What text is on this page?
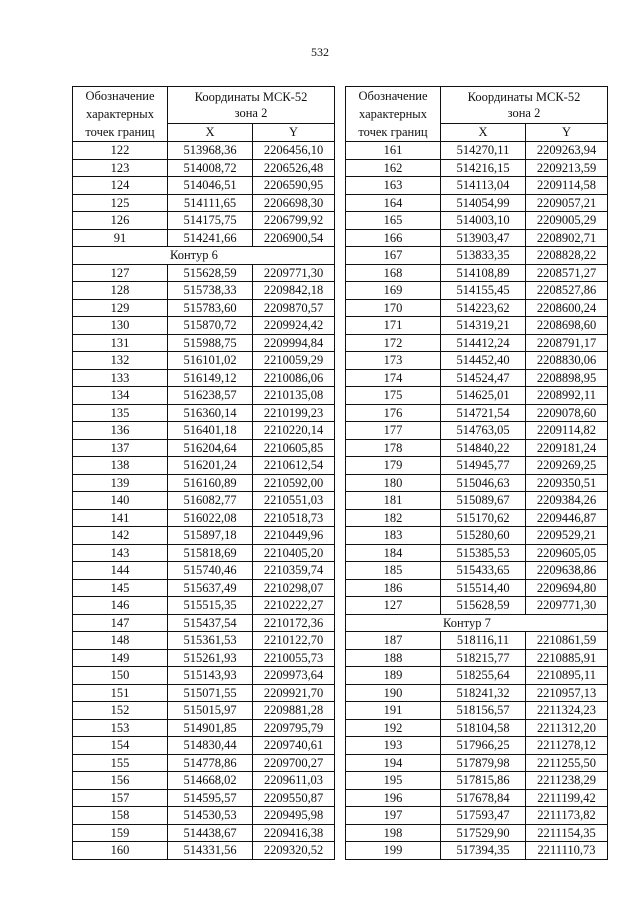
532
Обозначение
характерных
точек границ	Координаты МСК-52
зона 2	
	X	Y
122	513968,36	2206456,10
123	514008,72	2206526,48
124	514046,51	2206590,95
125	514111,65	2206698,30
126	514175,75	2206799,92
91	514241,66	2206900,54
Контур 6		
127	515628,59	2209771,30
128	515738,33	2209842,18
129	515783,60	2209870,57
130	515870,72	2209924,42
131	515988,75	2209994,84
132	516101,02	2210059,29
133	516149,12	2210086,06
134	516238,57	2210135,08
135	516360,14	2210199,23
136	516401,18	2210220,14
137	516204,64	2210605,85
138	516201,24	2210612,54
139	516160,89	2210592,00
140	516082,77	2210551,03
141	516022,08	2210518,73
142	515897,18	2210449,96
143	515818,69	2210405,20
144	515740,46	2210359,74
145	515637,49	2210298,07
146	515515,35	2210222,27
147	515437,54	2210172,36
148	515361,53	2210122,70
149	515261,93	2210055,73
150	515143,93	2209973,64
151	515071,55	2209921,70
152	515015,97	2209881,28
153	514901,85	2209795,79
154	514830,44	2209740,61
155	514778,86	2209700,27
156	514668,02	2209611,03
157	514595,57	2209550,87
158	514530,53	2209495,98
159	514438,67	2209416,38
160	514331,56	2209320,52
Обозначение
характерных
точек границ	Координаты МСК-52
зона 2	
	X	Y
161	514270,11	2209263,94
162	514216,15	2209213,59
163	514113,04	2209114,58
164	514054,99	2209057,21
165	514003,10	2209005,29
166	513903,47	2208902,71
167	513833,35	2208828,22
168	514108,89	2208571,27
169	514155,45	2208527,86
170	514223,62	2208600,24
171	514319,21	2208698,60
172	514412,24	2208791,17
173	514452,40	2208830,06
174	514524,47	2208898,95
175	514625,01	2208992,11
176	514721,54	2209078,60
177	514763,05	2209114,82
178	514840,22	2209181,24
179	514945,77	2209269,25
180	515046,63	2209350,51
181	515089,67	2209384,26
182	515170,62	2209446,87
183	515280,60	2209529,21
184	515385,53	2209605,05
185	515433,65	2209638,86
186	515514,40	2209694,80
127	515628,59	2209771,30
Контур 7		
187	518116,11	2210861,59
188	518215,77	2210885,91
189	518255,64	2210895,11
190	518241,32	2210957,13
191	518156,57	2211324,23
192	518104,58	2211312,20
193	517966,25	2211278,12
194	517879,98	2211255,50
195	517815,86	2211238,29
196	517678,84	2211199,42
197	517593,47	2211173,82
198	517529,90	2211154,35
199	517394,35	2211110,73
